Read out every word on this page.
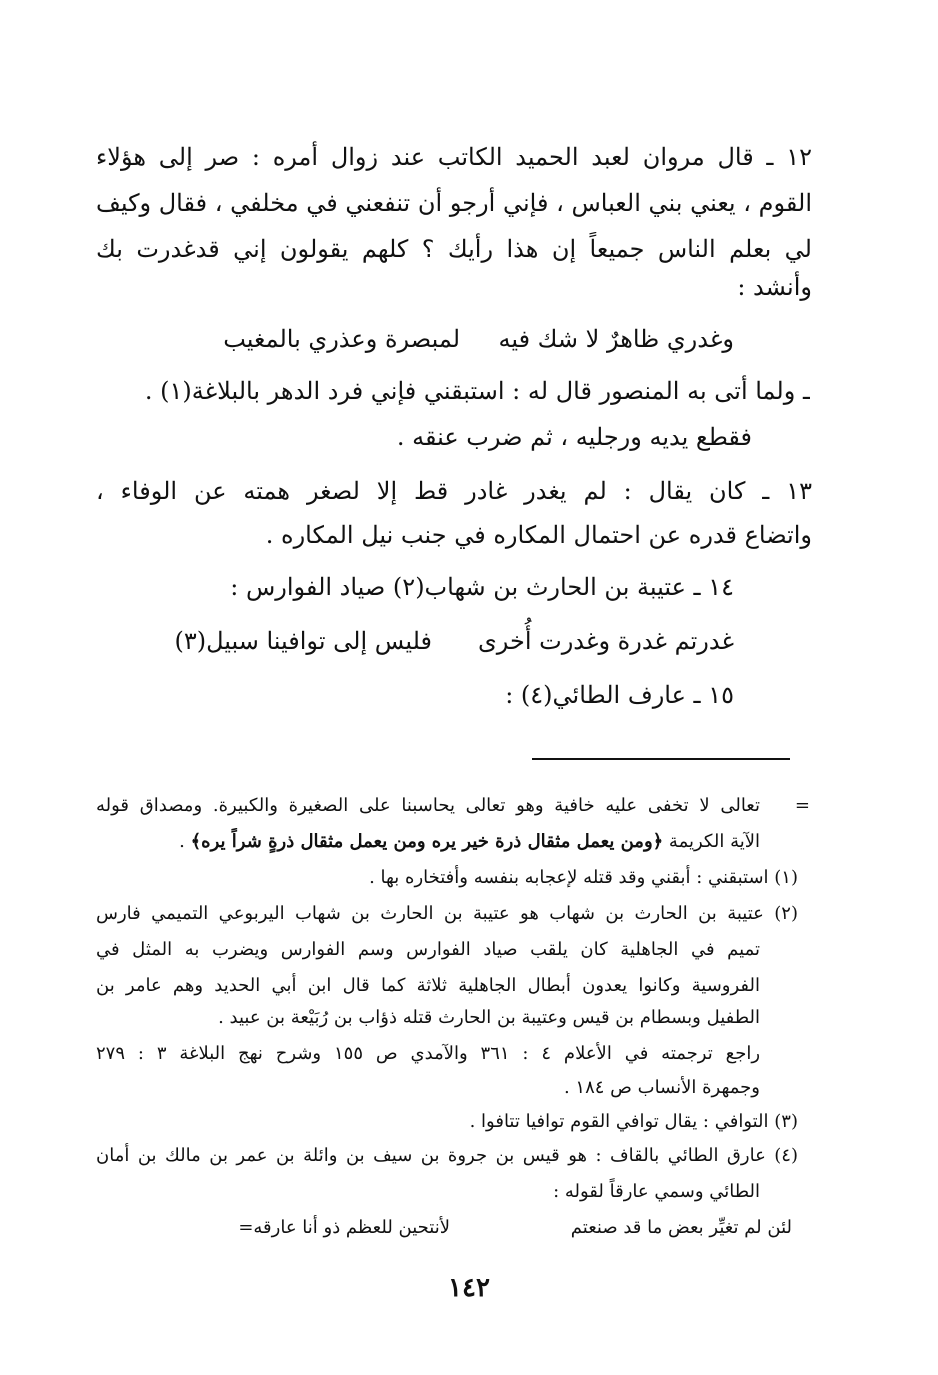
١٢ ـ قال مروان لعبد الحميد الكاتب عند زوال أمره : صر إلى هؤلاء
القوم ، يعني بني العباس ، فإني أرجو أن تنفعني في مخلفي ، فقال وكيف
لي بعلم الناس جميعاً إن هذا رأيك ؟ كلهم يقولون إني قدغدرت بك
وأنشد :
وغدري ظاهرٌ لا شك فيه
لمبصرة وعذري بالمغيب
ـ ولما أتى به المنصور قال له : استبقني فإني فرد الدهر بالبلاغة(١) .
فقطع يديه ورجليه ، ثم ضرب عنقه .
١٣ ـ كان يقال : لم يغدر غادر قط إلا لصغر همته عن الوفاء ،
واتضاع قدره عن احتمال المكاره في جنب نيل المكاره .
١٤ ـ عتيبة بن الحارث بن شهاب(٢) صياد الفوارس :
غدرتم غدرة وغدرت أُخرى
فليس إلى توافينا سبيل(٣)
١٥ ـ عارف الطائي(٤) :
=
تعالى لا تخفى عليه خافية وهو تعالى يحاسبنا على الصغيرة والكبيرة. ومصداق قوله
الآية الكريمة ﴿ومن يعمل مثقال ذرة خير يره ومن يعمل مثقال ذرةٍ شراً يره﴾ .
(١) استبقني : أبقني وقد قتله لإعجابه بنفسه وأفتخاره بها .
(٢) عتيبة بن الحارث بن شهاب هو عتيبة بن الحارث بن شهاب اليربوعي التميمي فارس
تميم في الجاهلية كان يلقب صياد الفوارس وسم الفوارس ويضرب به المثل في
الفروسية وكانوا يعدون أبطال الجاهلية ثلاثة كما قال ابن أبي الحديد وهم عامر بن
الطفيل وبسطام بن قيس وعتيبة بن الحارث قتله ذؤاب بن رُبَيْعة بن عبيد .
راجع ترجمته في الأعلام ٤ : ٣٦١ والآمدي ص ١٥٥ وشرح نهج البلاغة ٣ : ٢٧٩
وجمهرة الأنساب ص ١٨٤ .
(٣) التوافي : يقال توافي القوم توافيا تتافوا .
(٤) عارق الطائي بالقاف : هو قيس بن جروة بن سيف بن وائلة بن عمر بن مالك بن أمان
الطائي وسمي عارقاً لقوله :
لئن لم تغيِّر بعض ما قد صنعتم
لأنتحين للعظم ذو أنا عارقه=
١٤٢
